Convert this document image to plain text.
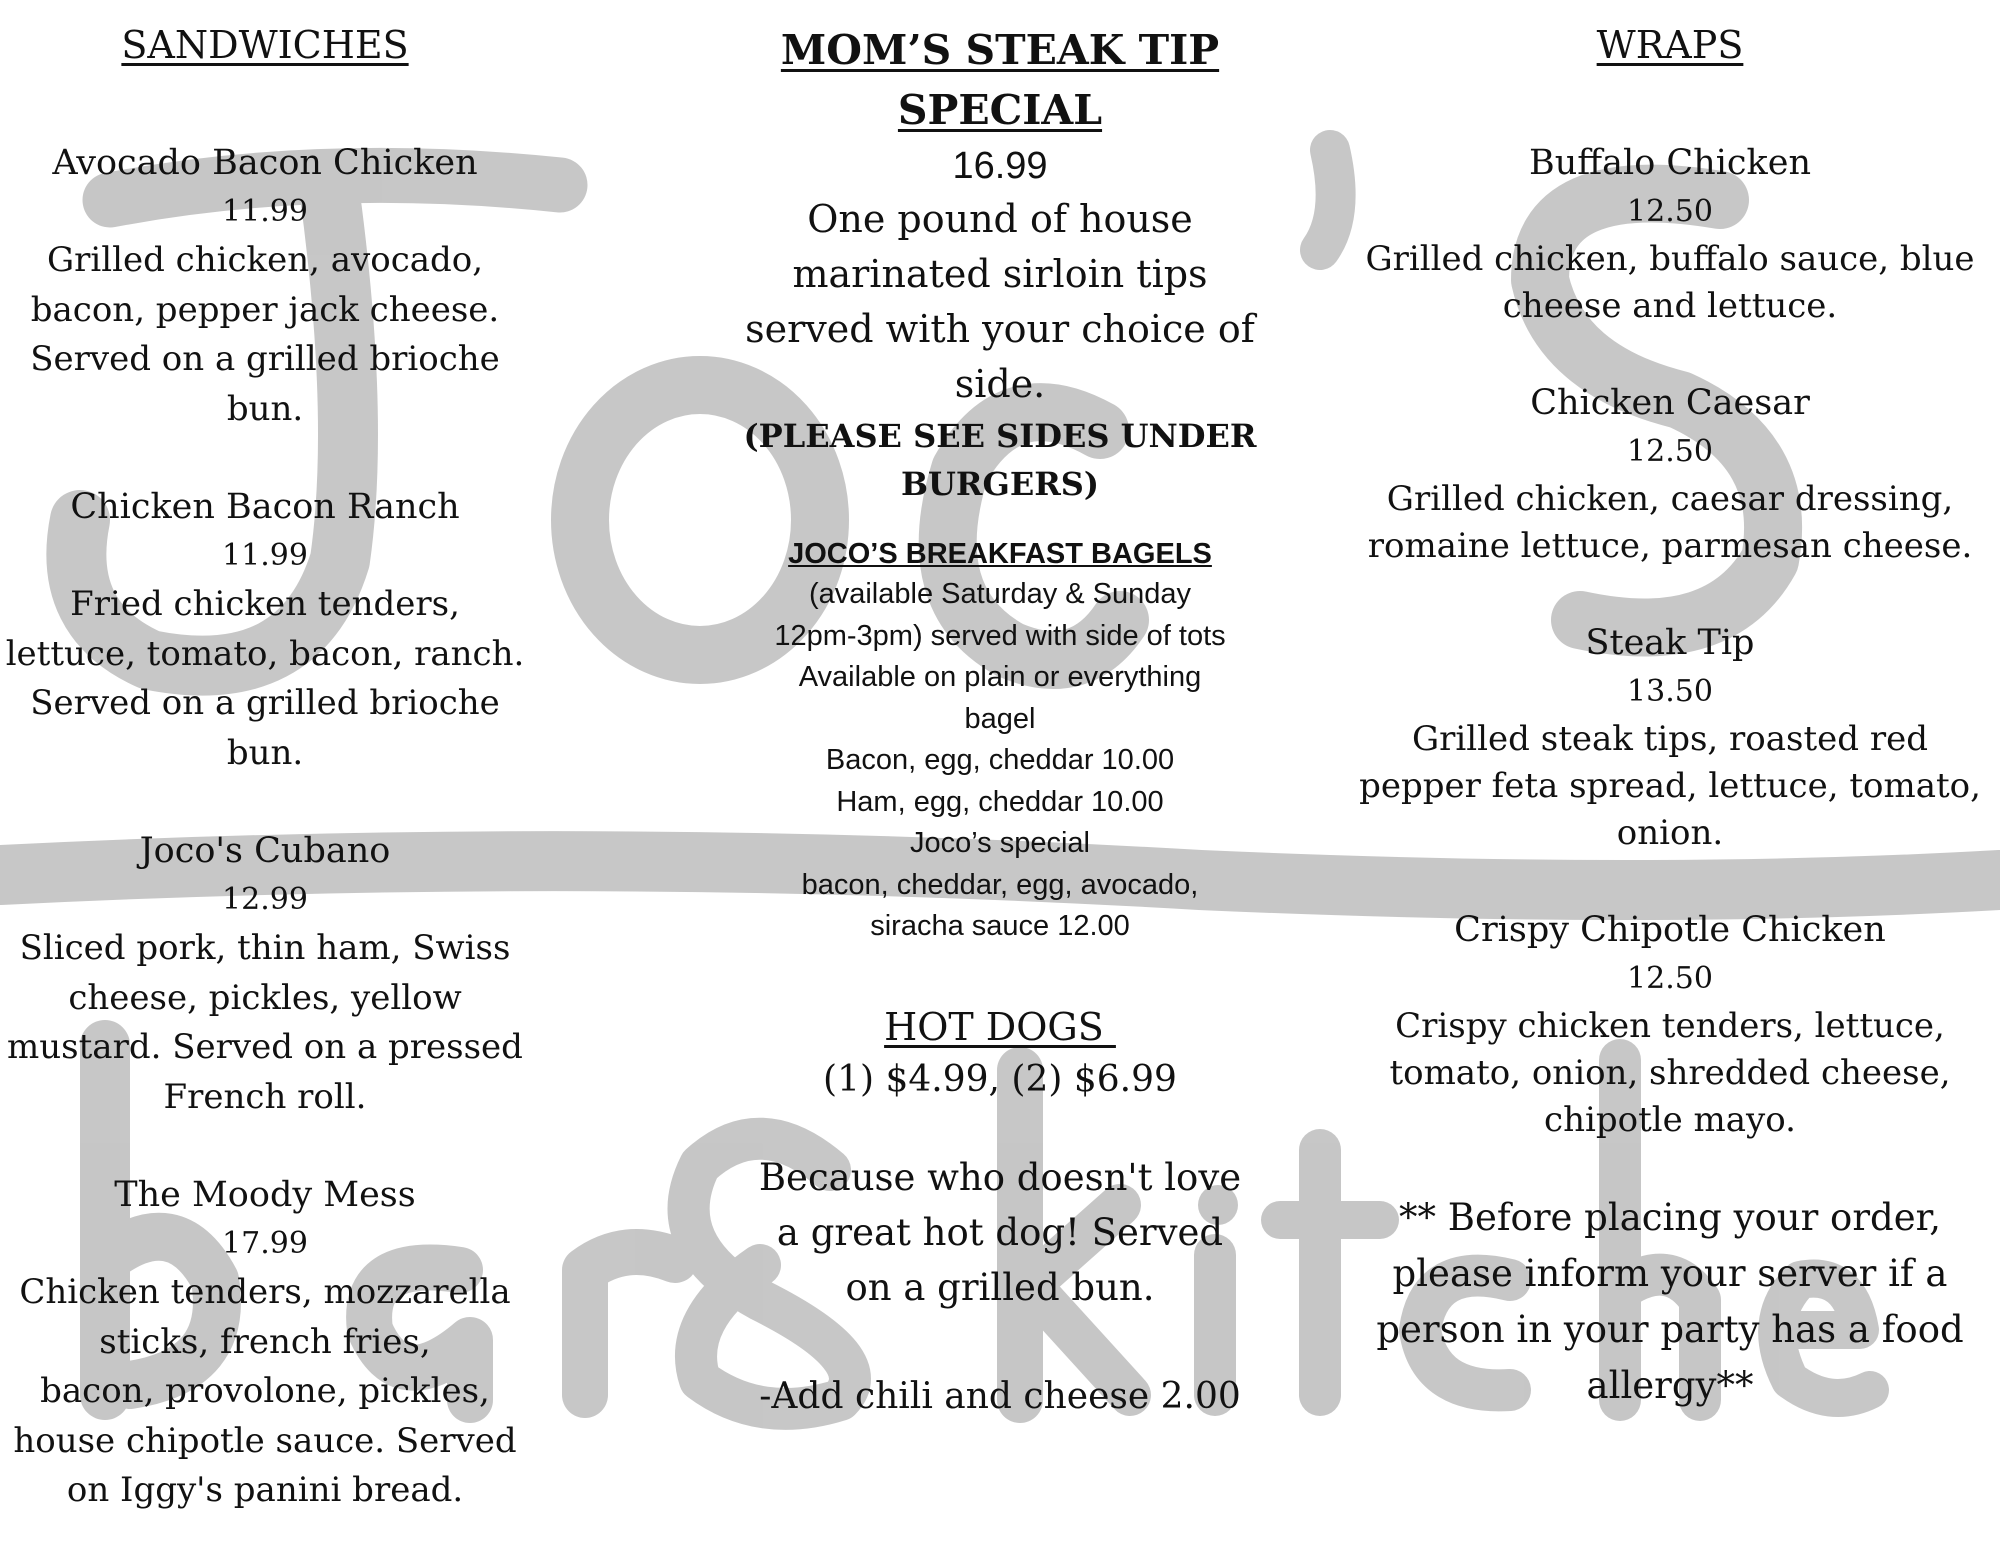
SANDWICHES
Avocado Bacon Chicken
11.99
Grilled chicken, avocado,
bacon, pepper jack cheese.
Served on a grilled brioche
bun.
Chicken Bacon Ranch
11.99
Fried chicken tenders,
lettuce, tomato, bacon, ranch.
Served on a grilled brioche
bun.
Joco's Cubano
12.99
Sliced pork, thin ham, Swiss
cheese, pickles, yellow
mustard. Served on a pressed
French roll.
The Moody Mess
17.99
Chicken tenders, mozzarella
sticks, french fries,
bacon, provolone, pickles,
house chipotle sauce. Served
on Iggy's panini bread.
MOM’S STEAK TIP
SPECIAL
16.99
One pound of house
marinated sirloin tips
served with your choice of
side.
(PLEASE SEE SIDES UNDER
BURGERS)
JOCO’S BREAKFAST BAGELS
(available Saturday & Sunday
12pm-3pm) served with side of tots
Available on plain or everything
bagel
Bacon, egg, cheddar 10.00
Ham, egg, cheddar 10.00
Joco’s special
bacon, cheddar, egg, avocado,
siracha sauce 12.00
HOT DOGS
(1) $4.99, (2) $6.99
Because who doesn't love
a great hot dog! Served
on a grilled bun.
-Add chili and cheese 2.00
WRAPS
Buffalo Chicken
12.50
Grilled chicken, buffalo sauce, blue
cheese and lettuce.
Chicken Caesar
12.50
Grilled chicken, caesar dressing,
romaine lettuce, parmesan cheese.
Steak Tip
13.50
Grilled steak tips, roasted red
pepper feta spread, lettuce, tomato,
onion.
Crispy Chipotle Chicken
12.50
Crispy chicken tenders, lettuce,
tomato, onion, shredded cheese,
chipotle mayo.
** Before placing your order,
please inform your server if a
person in your party has a food
allergy**
